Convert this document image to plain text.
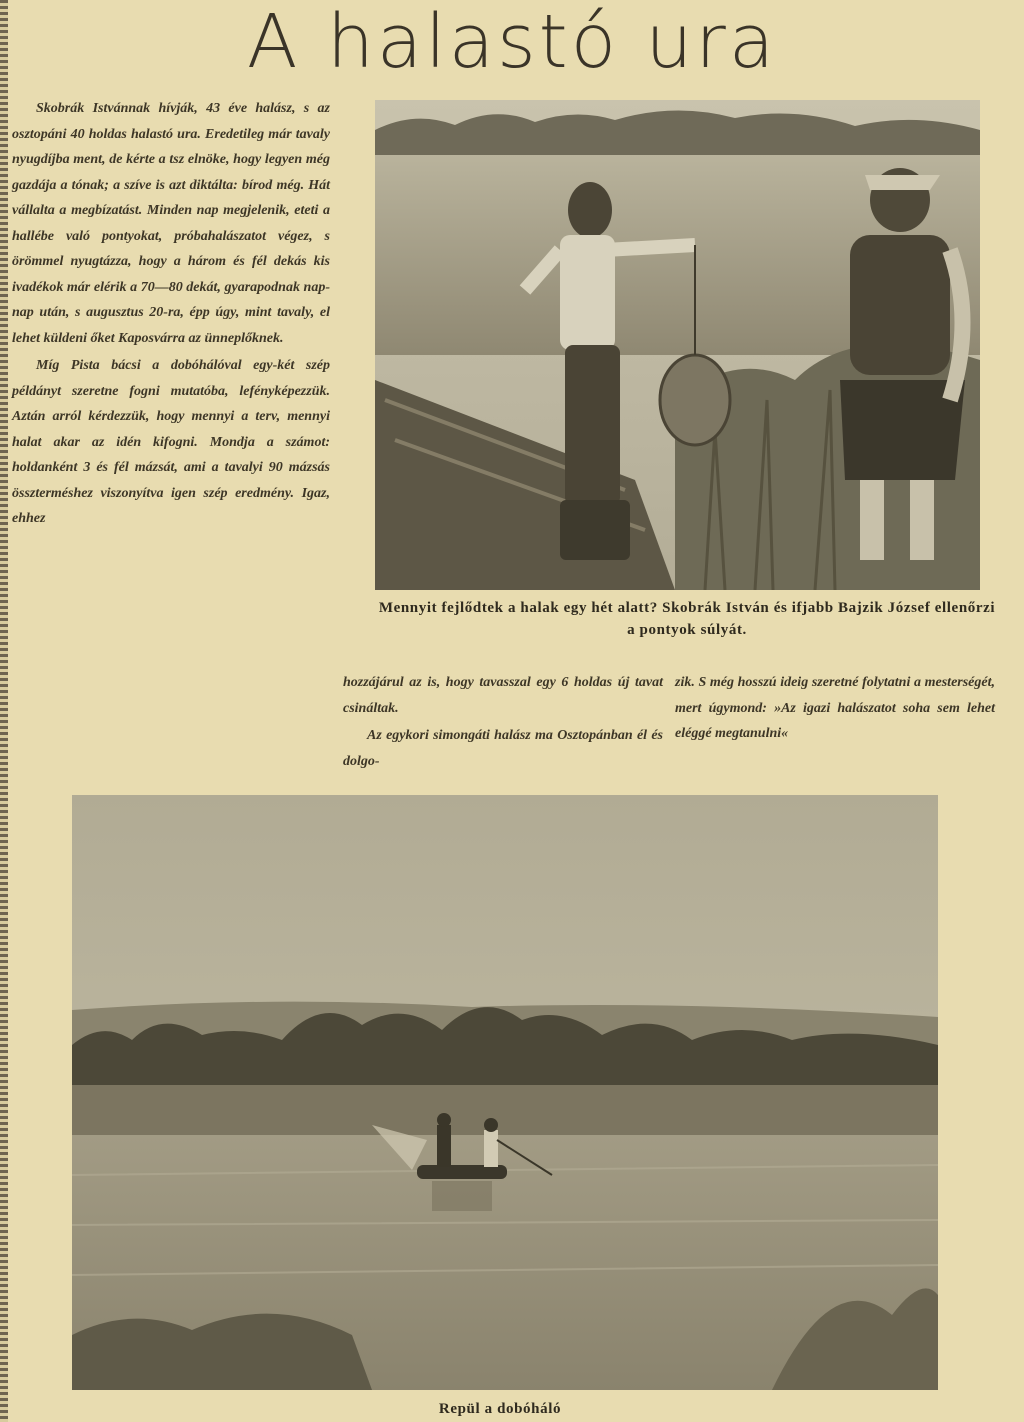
A halastó ura

Skobrák Istvánnak hívják, 43 éve halász, s az osztopáni 40 holdas halastó ura. Eredetileg már tavaly nyugdíjba ment, de kérte a tsz elnöke, hogy legyen még gazdája a tónak; a szíve is azt diktálta: bírod még. Hát vállalta a megbízatást. Minden nap megjelenik, eteti a hallébe való pontyokat, próbahalászatot végez, s örömmel nyugtázza, hogy a három és fél dekás kis ivadékok már elérik a 70—80 dekát, gyarapodnak nap-nap után, s augusztus 20-ra, épp úgy, mint tavaly, el lehet küldeni őket Kaposvárra az ünneplőknek.

Míg Pista bácsi a dobóhálóval egy-két szép példányt szeretne fogni mutatóba, lefényképezzük. Aztán arról kérdezzük, hogy mennyi a terv, mennyi halat akar az idén kifogni. Mondja a számot: holdanként 3 és fél mázsát, ami a tavalyi 90 mázsás összterméshez viszonyítva igen szép eredmény. Igaz, ehhez

Mennyit fejlődtek a halak egy hét alatt? Skobrák István és ifjabb Bajzik József ellenőrzi a pontyok súlyát.

hozzájárul az is, hogy tavasszal egy 6 holdas új tavat csináltak.

Az egykori simongáti halász ma Osztopánban él és dolgo-

zik. S még hosszú ideig szeretné folytatni a mesterségét, mert úgymond: »Az igazi halászatot soha sem lehet eléggé megtanulni«

Repül a dobóháló
